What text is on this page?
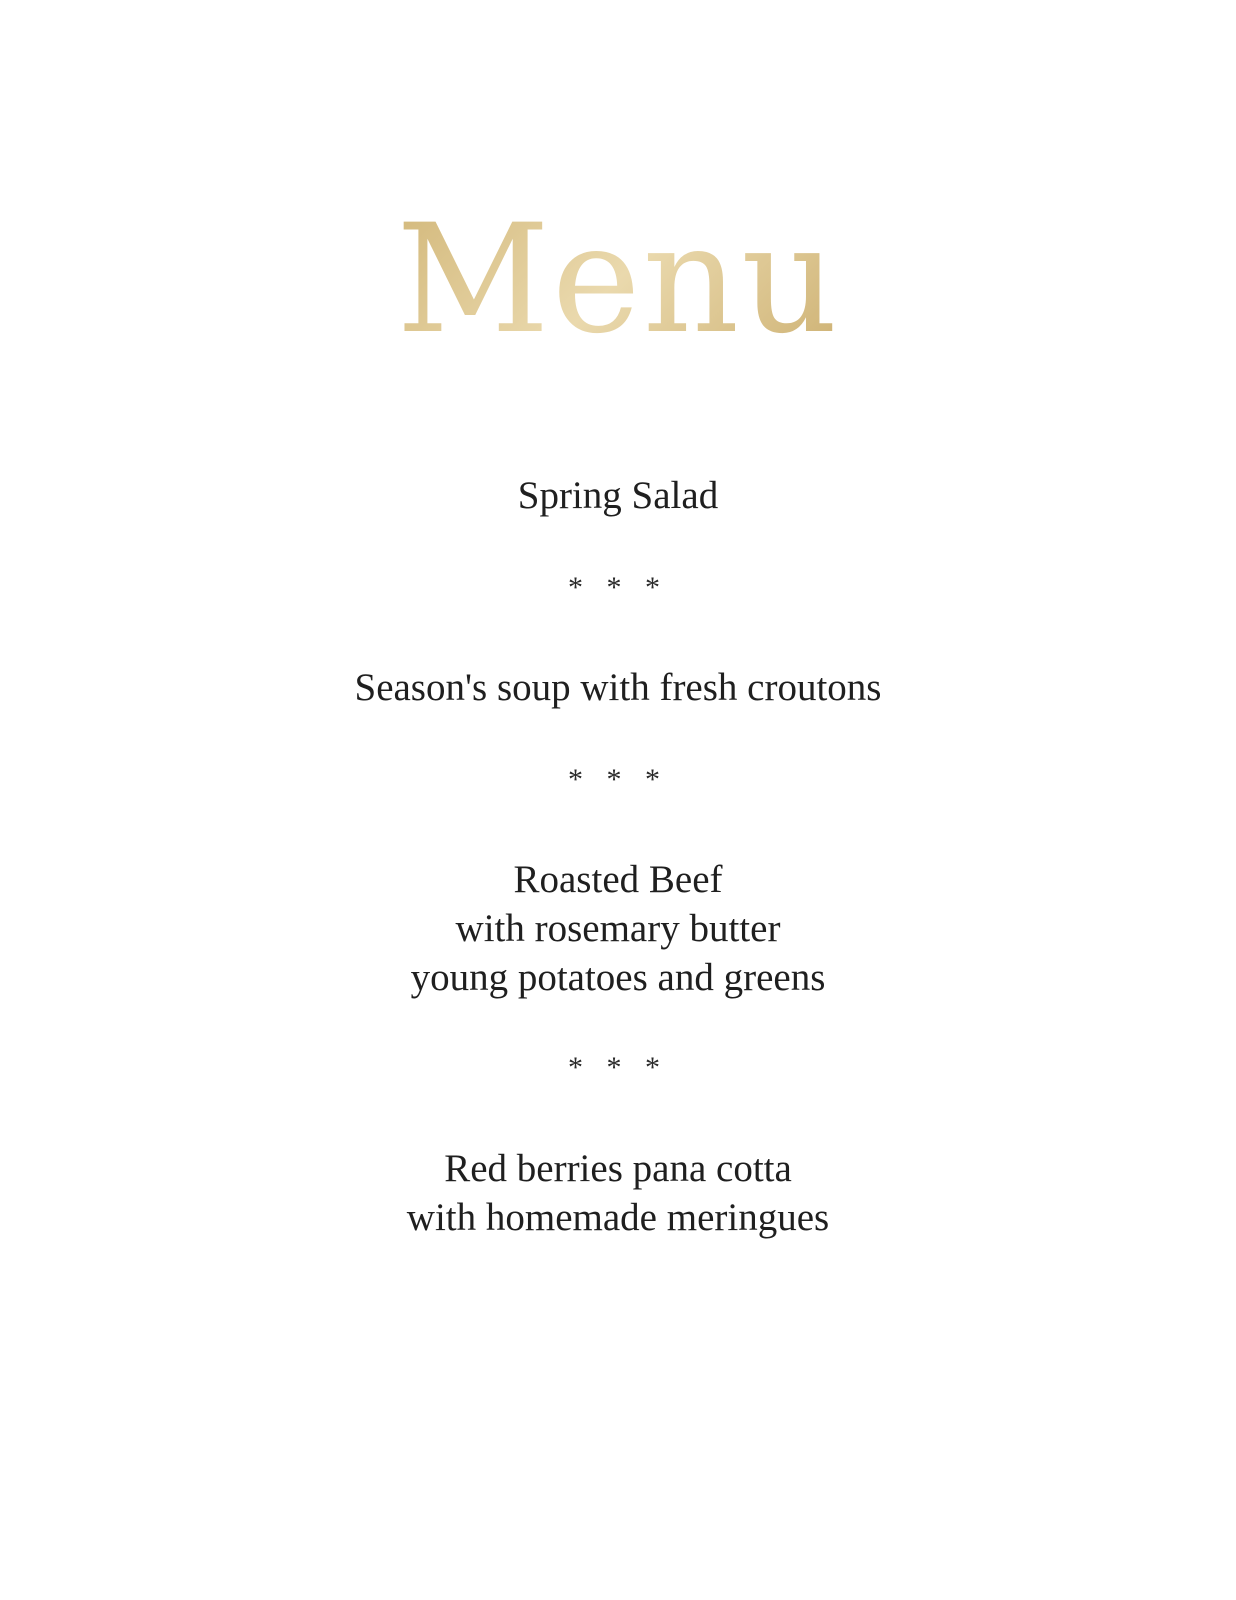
Menu
Spring Salad
* * *
Season's soup with fresh croutons
* * *
Roasted Beef
with rosemary butter
young potatoes and greens
* * *
Red berries pana cotta
with homemade meringues
